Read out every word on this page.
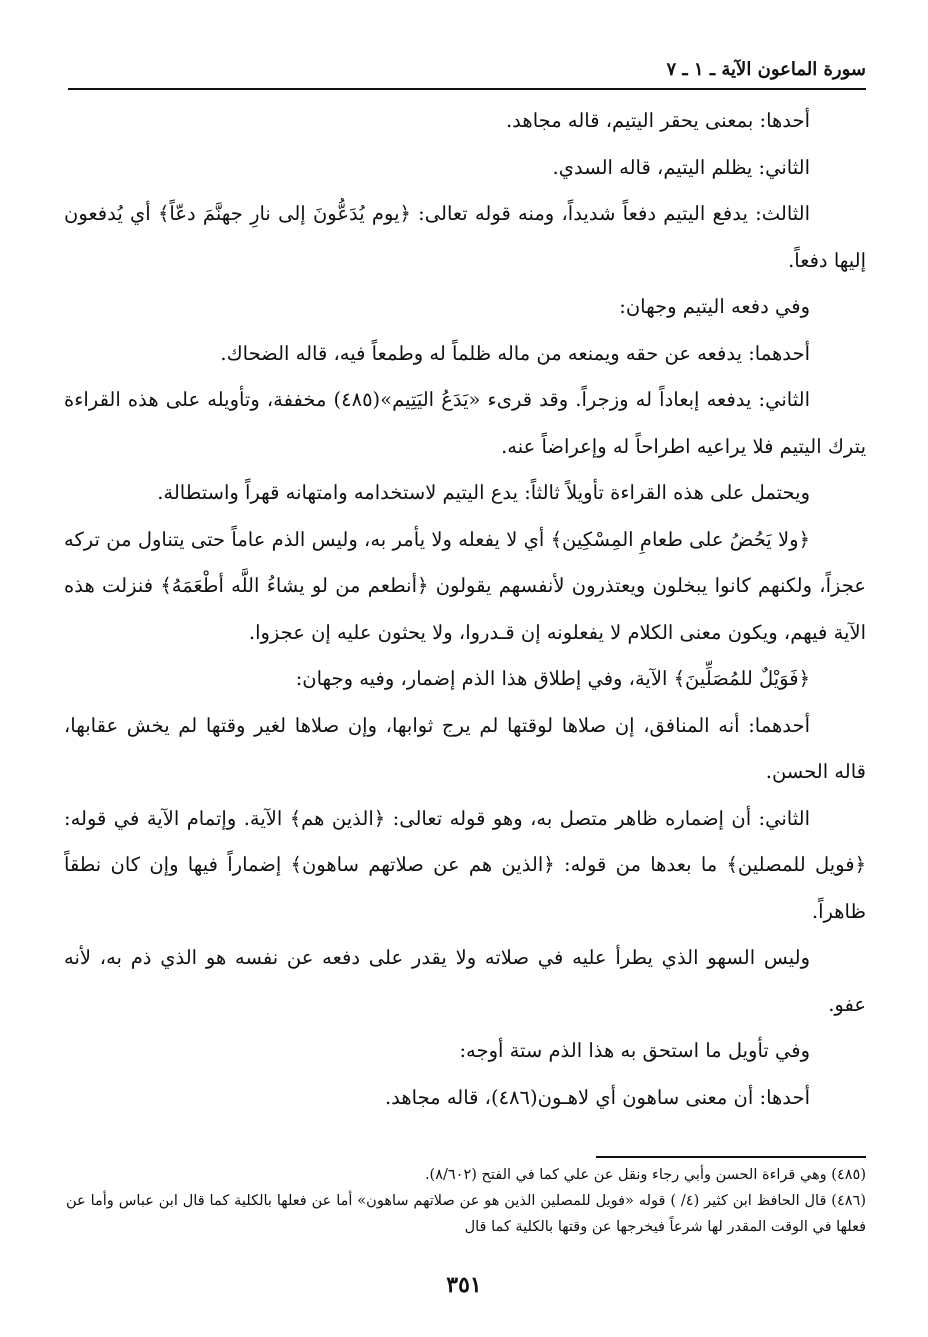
سورة الماعون الآية ـ ١ ـ ٧

أحدها: بمعنى يحقر اليتيم، قاله مجاهد.

الثاني: يظلم اليتيم، قاله السدي.

الثالث: يدفع اليتيم دفعاً شديداً، ومنه قوله تعالى: ﴿يوم يُدَعُّونَ إلى نارِ جهنَّمَ دعّاً﴾ أي يُدفعون إليها دفعاً.

وفي دفعه اليتيم وجهان:

أحدهما: يدفعه عن حقه ويمنعه من ماله ظلماً له وطمعاً فيه، قاله الضحاك.

الثاني: يدفعه إبعاداً له وزجراً. وقد قرىء «يَدَعُ اليَتِيم»(٤٨٥) مخففة، وتأويله على هذه القراءة يترك اليتيم فلا يراعيه اطراحاً له وإعراضاً عنه.

ويحتمل على هذه القراءة تأويلاً ثالثاً: يدع اليتيم لاستخدامه وامتهانه قهراً واستطالة.

﴿ولا يَحُضُ على طعامِ المِسْكِين﴾ أي لا يفعله ولا يأمر به، وليس الذم عاماً حتى يتناول من تركه عجزاً، ولكنهم كانوا يبخلون ويعتذرون لأنفسهم يقولون ﴿أنطعم من لو يشاءُ اللَّه أطْعَمَهُ﴾ فنزلت هذه الآية فيهم، ويكون معنى الكلام لا يفعلونه إن قـدروا، ولا يحثون عليه إن عجزوا.

﴿فَوَيْلٌ للمُصَلِّينَ﴾ الآية، وفي إطلاق هذا الذم إضمار، وفيه وجهان:

أحدهما: أنه المنافق، إن صلاها لوقتها لم يرج ثوابها، وإن صلاها لغير وقتها لم يخش عقابها، قاله الحسن.

الثاني: أن إضماره ظاهر متصل به، وهو قوله تعالى: ﴿الذين هم﴾ الآية. وإتمام الآية في قوله: ﴿فويل للمصلين﴾ ما بعدها من قوله: ﴿الذين هم عن صلاتهم ساهون﴾ إضماراً فيها وإن كان نطقاً ظاهراً.

وليس السهو الذي يطرأ عليه في صلاته ولا يقدر على دفعه عن نفسه هو الذي ذم به، لأنه عفو.

وفي تأويل ما استحق به هذا الذم ستة أوجه:

أحدها: أن معنى ساهون أي لاهـون(٤٨٦)، قاله مجاهد.

(٤٨٥) وهي قراءة الحسن وأبي رجاء ونقل عن علي كما في الفتح (٨/٦٠٢).

(٤٨٦) قال الحافظ ابن كثير (٤/ ) قوله «فويل للمصلين الذين هو عن صلاتهم ساهون» أما عن فعلها بالكلية كما قال ابن عباس وأما عن فعلها في الوقت المقدر لها شرعاً فيخرجها عن وقتها بالكلية كما قال

٣٥١
